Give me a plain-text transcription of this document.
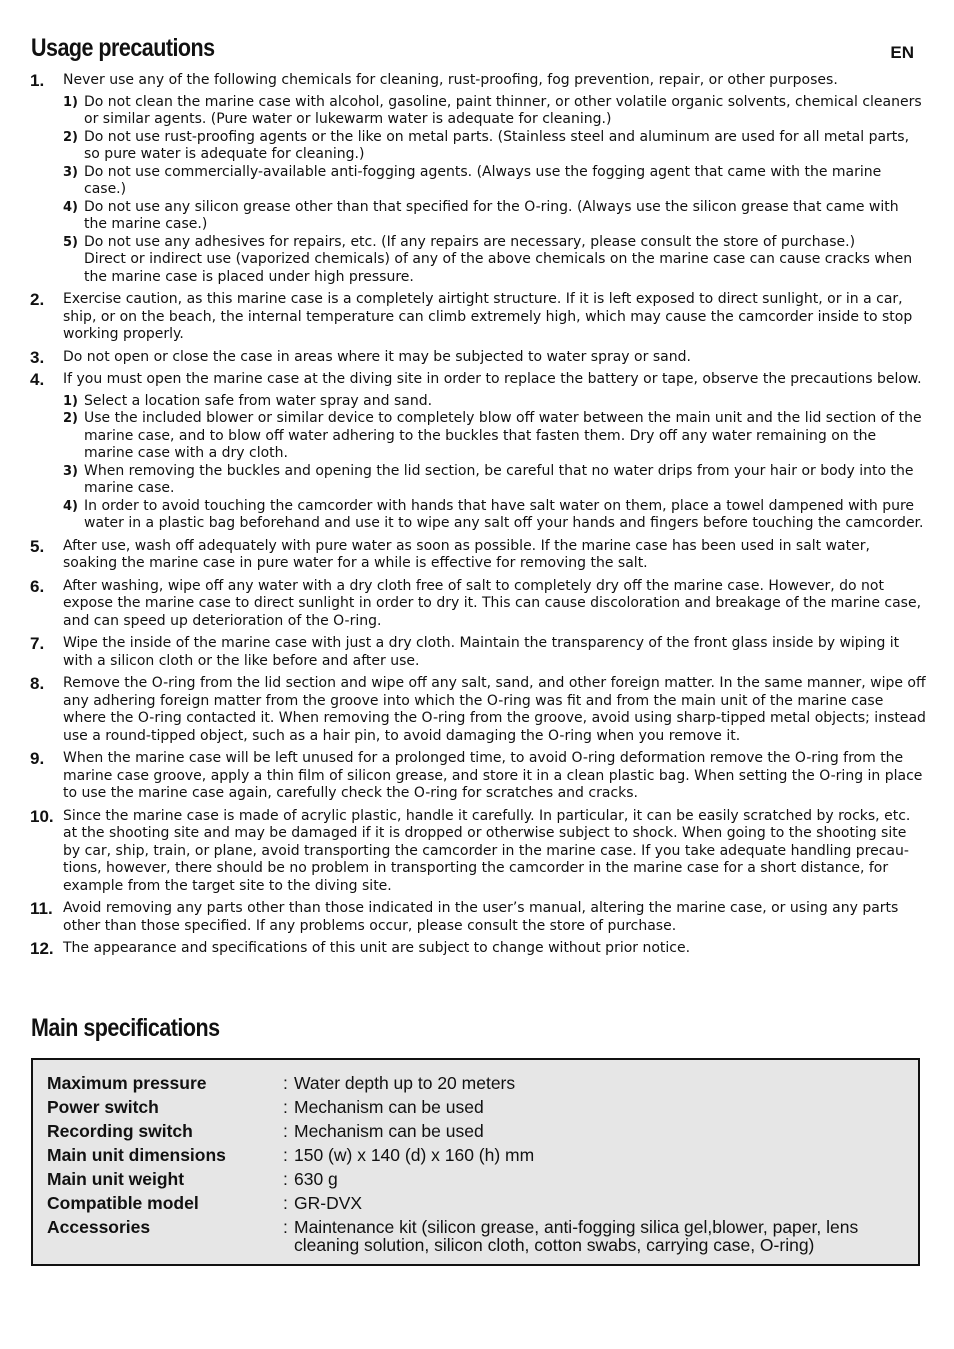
Usage precautions	EN
1.	Never use any of the following chemicals for cleaning, rust-proofing, fog prevention, repair, or other purposes.
1) Do not clean the marine case with alcohol, gasoline, paint thinner, or other volatile organic solvents, chemical cleaners or similar agents. (Pure water or lukewarm water is adequate for cleaning.)
2) Do not use rust-proofing agents or the like on metal parts. (Stainless steel and aluminum are used for all metal parts, so pure water is adequate for cleaning.)
3) Do not use commercially-available anti-fogging agents. (Always use the fogging agent that came with the marine case.)
4) Do not use any silicon grease other than that specified for the O-ring. (Always use the silicon grease that came with the marine case.)
5) Do not use any adhesives for repairs, etc. (If any repairs are necessary, please consult the store of purchase.)
Direct or indirect use (vaporized chemicals) of any of the above chemicals on the marine case can cause cracks when the marine case is placed under high pressure.
2.	Exercise caution, as this marine case is a completely airtight structure. If it is left exposed to direct sunlight, or in a car, ship, or on the beach, the internal temperature can climb extremely high, which may cause the camcorder inside to stop working properly.
3.	Do not open or close the case in areas where it may be subjected to water spray or sand.
4.	If you must open the marine case at the diving site in order to replace the battery or tape, observe the precautions below.
1) Select a location safe from water spray and sand.
2) Use the included blower or similar device to completely blow off water between the main unit and the lid section of the marine case, and to blow off water adhering to the buckles that fasten them. Dry off any water remaining on the marine case with a dry cloth.
3) When removing the buckles and opening the lid section, be careful that no water drips from your hair or body into the marine case.
4) In order to avoid touching the camcorder with hands that have salt water on them, place a towel dampened with pure water in a plastic bag beforehand and use it to wipe any salt off your hands and fingers before touching the camcorder.
5.	After use, wash off adequately with pure water as soon as possible. If the marine case has been used in salt water, soaking the marine case in pure water for a while is effective for removing the salt.
6.	After washing, wipe off any water with a dry cloth free of salt to completely dry off the marine case. However, do not expose the marine case to direct sunlight in order to dry it. This can cause discoloration and breakage of the marine case, and can speed up deterioration of the O-ring.
7.	Wipe the inside of the marine case with just a dry cloth. Maintain the transparency of the front glass inside by wiping it with a silicon cloth or the like before and after use.
8.	Remove the O-ring from the lid section and wipe off any salt, sand, and other foreign matter. In the same manner, wipe off any adhering foreign matter from the groove into which the O-ring was fit and from the main unit of the marine case where the O-ring contacted it. When removing the O-ring from the groove, avoid using sharp-tipped metal objects; instead use a round-tipped object, such as a hair pin, to avoid damaging the O-ring when you remove it.
9.	When the marine case will be left unused for a prolonged time, to avoid O-ring deformation remove the O-ring from the marine case groove, apply a thin film of silicon grease, and store it in a clean plastic bag. When setting the O-ring in place to use the marine case again, carefully check the O-ring for scratches and cracks.
10. Since the marine case is made of acrylic plastic, handle it carefully. In particular, it can be easily scratched by rocks, etc. at the shooting site and may be damaged if it is dropped or otherwise subject to shock. When going to the shooting site by car, ship, train, or plane, avoid transporting the camcorder in the marine case. If you take adequate handling precau-tions, however, there should be no problem in transporting the camcorder in the marine case for a short distance, for example from the target site to the diving site.
11. Avoid removing any parts other than those indicated in the user’s manual, altering the marine case, or using any parts other than those specified. If any problems occur, please consult the store of purchase.
12. The appearance and specifications of this unit are subject to change without prior notice.
Main specifications
Maximum pressure	: Water depth up to 20 meters
Power switch	: Mechanism can be used
Recording switch	: Mechanism can be used
Main unit dimensions	: 150 (w) x 140 (d) x 160 (h) mm
Main unit weight	: 630 g
Compatible model	: GR-DVX
Accessories	: Maintenance kit (silicon grease, anti-fogging silica gel,blower, paper, lens cleaning solution, silicon cloth, cotton swabs, carrying case, O-ring)
